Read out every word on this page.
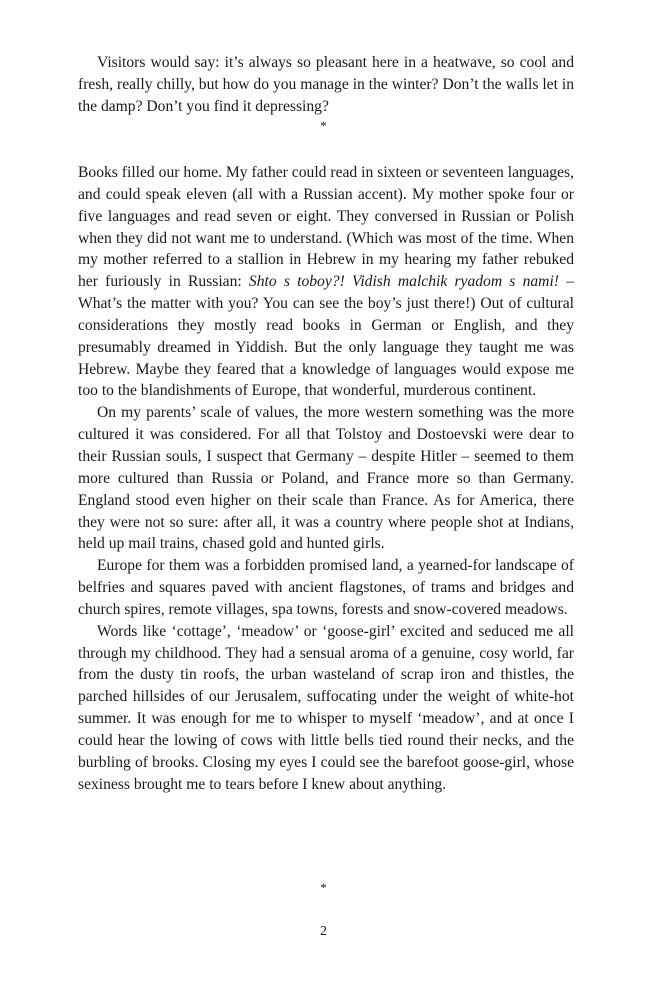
Visitors would say: it’s always so pleasant here in a heatwave, so cool and fresh, really chilly, but how do you manage in the winter? Don’t the walls let in the damp? Don’t you find it depressing?

*

Books filled our home. My father could read in sixteen or seventeen languages, and could speak eleven (all with a Russian accent). My mother spoke four or five languages and read seven or eight. They conversed in Russian or Polish when they did not want me to understand. (Which was most of the time. When my mother referred to a stallion in Hebrew in my hearing my father rebuked her furiously in Russian: Shto s toboy?! Vidish malchik ryadom s nami! – What’s the matter with you? You can see the boy’s just there!) Out of cultural considerations they mostly read books in German or English, and they presumably dreamed in Yiddish. But the only language they taught me was Hebrew. Maybe they feared that a knowledge of languages would expose me too to the blandishments of Europe, that wonderful, murderous continent.

On my parents’ scale of values, the more western something was the more cultured it was considered. For all that Tolstoy and Dostoevski were dear to their Russian souls, I suspect that Germany – despite Hitler – seemed to them more cultured than Russia or Poland, and France more so than Germany. England stood even higher on their scale than France. As for America, there they were not so sure: after all, it was a country where people shot at Indians, held up mail trains, chased gold and hunted girls.

Europe for them was a forbidden promised land, a yearned-for landscape of belfries and squares paved with ancient flagstones, of trams and bridges and church spires, remote villages, spa towns, forests and snow-covered meadows.

Words like ‘cottage’, ‘meadow’ or ‘goose-girl’ excited and seduced me all through my childhood. They had a sensual aroma of a genuine, cosy world, far from the dusty tin roofs, the urban wasteland of scrap iron and thistles, the parched hillsides of our Jerusalem, suffocating under the weight of white-hot summer. It was enough for me to whisper to myself ‘meadow’, and at once I could hear the lowing of cows with little bells tied round their necks, and the burbling of brooks. Closing my eyes I could see the barefoot goose-girl, whose sexiness brought me to tears before I knew about anything.

*
2
